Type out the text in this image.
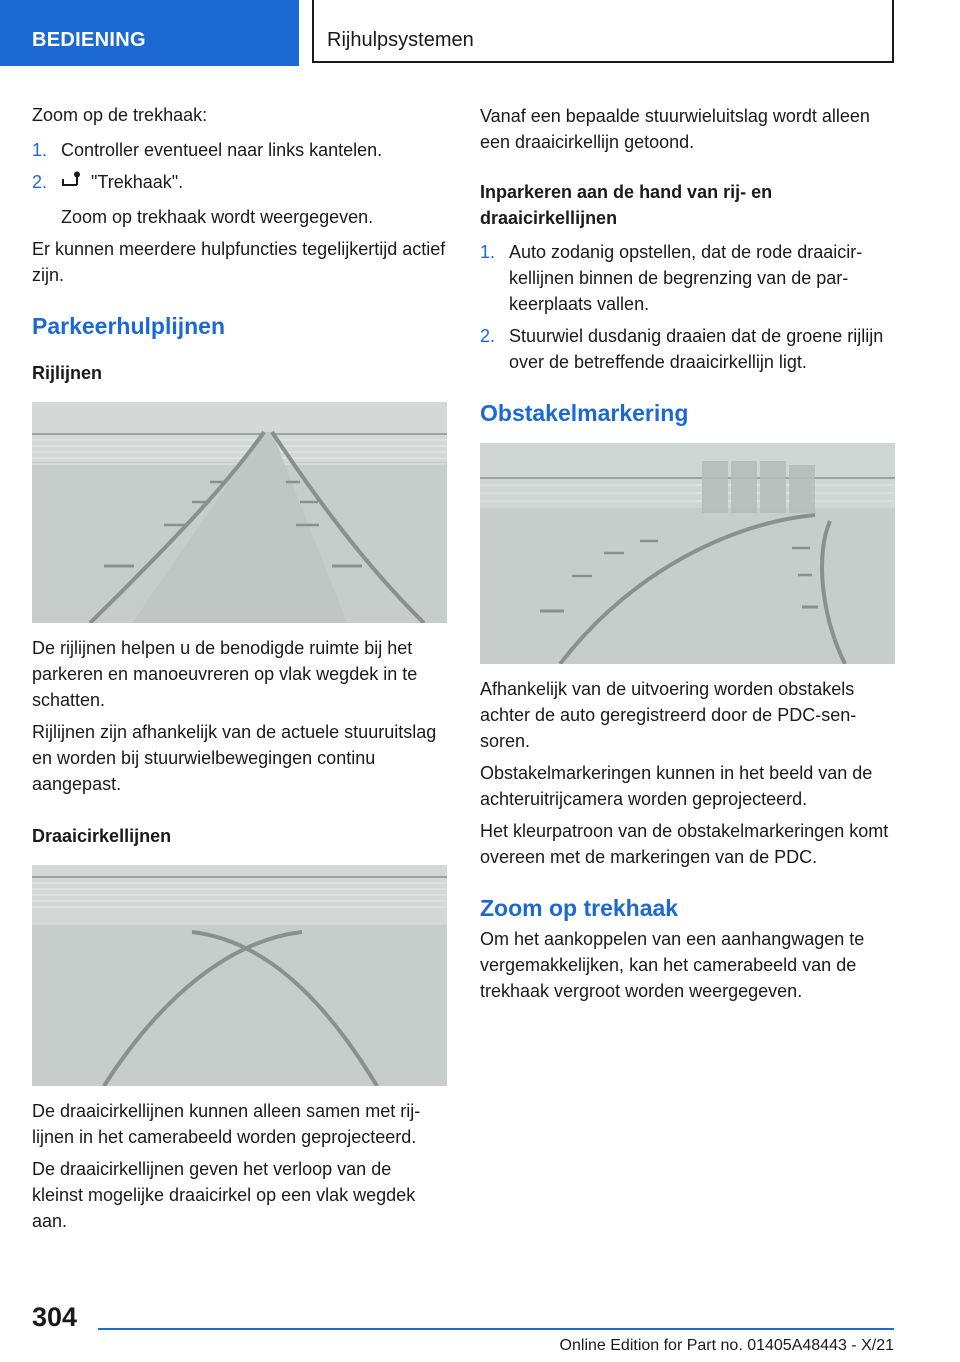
BEDIENING	Rijhulpsystemen

Zoom op de trekhaak:

1. Controller eventueel naar links kantelen.
2. "Trekhaak".

Zoom op trekhaak wordt weergegeven.

Er kunnen meerdere hulpfuncties tegelijkertijd actief zijn.

Parkeerhulplijnen
Rijlijnen

De rijlijnen helpen u de benodigde ruimte bij het parkeren en manoeuvreren op vlak wegdek in te schatten.

Rijlijnen zijn afhankelijk van de actuele stuuruitslag en worden bij stuurwielbewegingen continu aangepast.

Draaicirkellijnen

De draaicirkellijnen kunnen alleen samen met rijlijnen in het camerabeeld worden geprojecteerd.

De draaicirkellijnen geven het verloop van de kleinst mogelijke draaicirkel op een vlak wegdek aan.

Vanaf een bepaalde stuurwieluitslag wordt alleen een draaicirkellijn getoond.

Inparkeren aan de hand van rij- en draaicirkellijnen
1. Auto zodanig opstellen, dat de rode draaicirkellijnen binnen de begrenzing van de parkeerplaats vallen.
2. Stuurwiel dusdanig draaien dat de groene rijlijn over de betreffende draaicirkellijn ligt.
Obstakelmarkering

Afhankelijk van de uitvoering worden obstakels achter de auto geregistreerd door de PDC-sensoren.

Obstakelmarkeringen kunnen in het beeld van de achteruitrijcamera worden geprojecteerd.

Het kleurpatroon van de obstakelmarkeringen komt overeen met de markeringen van de PDC.

Zoom op trekhaak

Om het aankoppelen van een aanhangwagen te vergemakkelijken, kan het camerabeeld van de trekhaak vergroot worden weergegeven.

304
Online Edition for Part no. 01405A48443 - X/21
